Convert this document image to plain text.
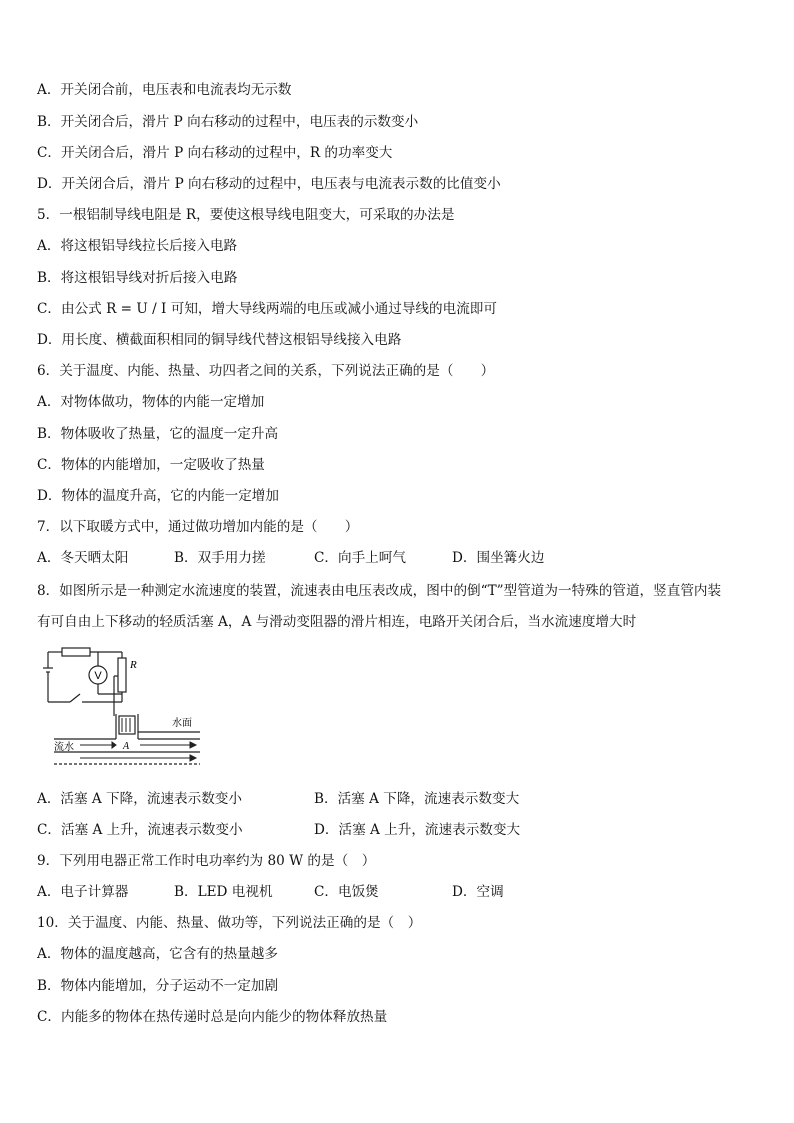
A．开关闭合前，电压表和电流表均无示数
B．开关闭合后，滑片 P 向右移动的过程中，电压表的示数变小
C．开关闭合后，滑片 P 向右移动的过程中，R 的功率变大
D．开关闭合后，滑片 P 向右移动的过程中，电压表与电流表示数的比值变小
5．一根铝制导线电阻是 R，要使这根导线电阻变大，可采取的办法是
A．将这根铝导线拉长后接入电路
B．将这根铝导线对折后接入电路
C．由公式 R = U / I 可知，增大导线两端的电压或减小通过导线的电流即可
D．用长度、横截面积相同的铜导线代替这根铝导线接入电路
6．关于温度、内能、热量、功四者之间的关系，下列说法正确的是（　　）
A．对物体做功，物体的内能一定增加
B．物体吸收了热量，它的温度一定升高
C．物体的内能增加，一定吸收了热量
D．物体的温度升高，它的内能一定增加
7．以下取暖方式中，通过做功增加内能的是（　　）
A．冬天晒太阳	B．双手用力搓	C．向手上呵气	D．围坐篝火边
8．如图所示是一种测定水流速度的装置，流速表由电压表改成，图中的倒“T”型管道为一特殊的管道，竖直管内装
有可自由上下移动的轻质活塞 A，A 与滑动变阻器的滑片相连，电路开关闭合后，当水流速度增大时
V
R
水面
流水	A
A．活塞 A 下降，流速表示数变小	B．活塞 A 下降，流速表示数变大
C．活塞 A 上升，流速表示数变小	D．活塞 A 上升，流速表示数变大
9．下列用电器正常工作时电功率约为 80 W 的是（　）
A．电子计算器	B．LED 电视机	C．电饭煲	D．空调
10．关于温度、内能、热量、做功等，下列说法正确的是（　）
A．物体的温度越高，它含有的热量越多
B．物体内能增加，分子运动不一定加剧
C．内能多的物体在热传递时总是向内能少的物体释放热量
